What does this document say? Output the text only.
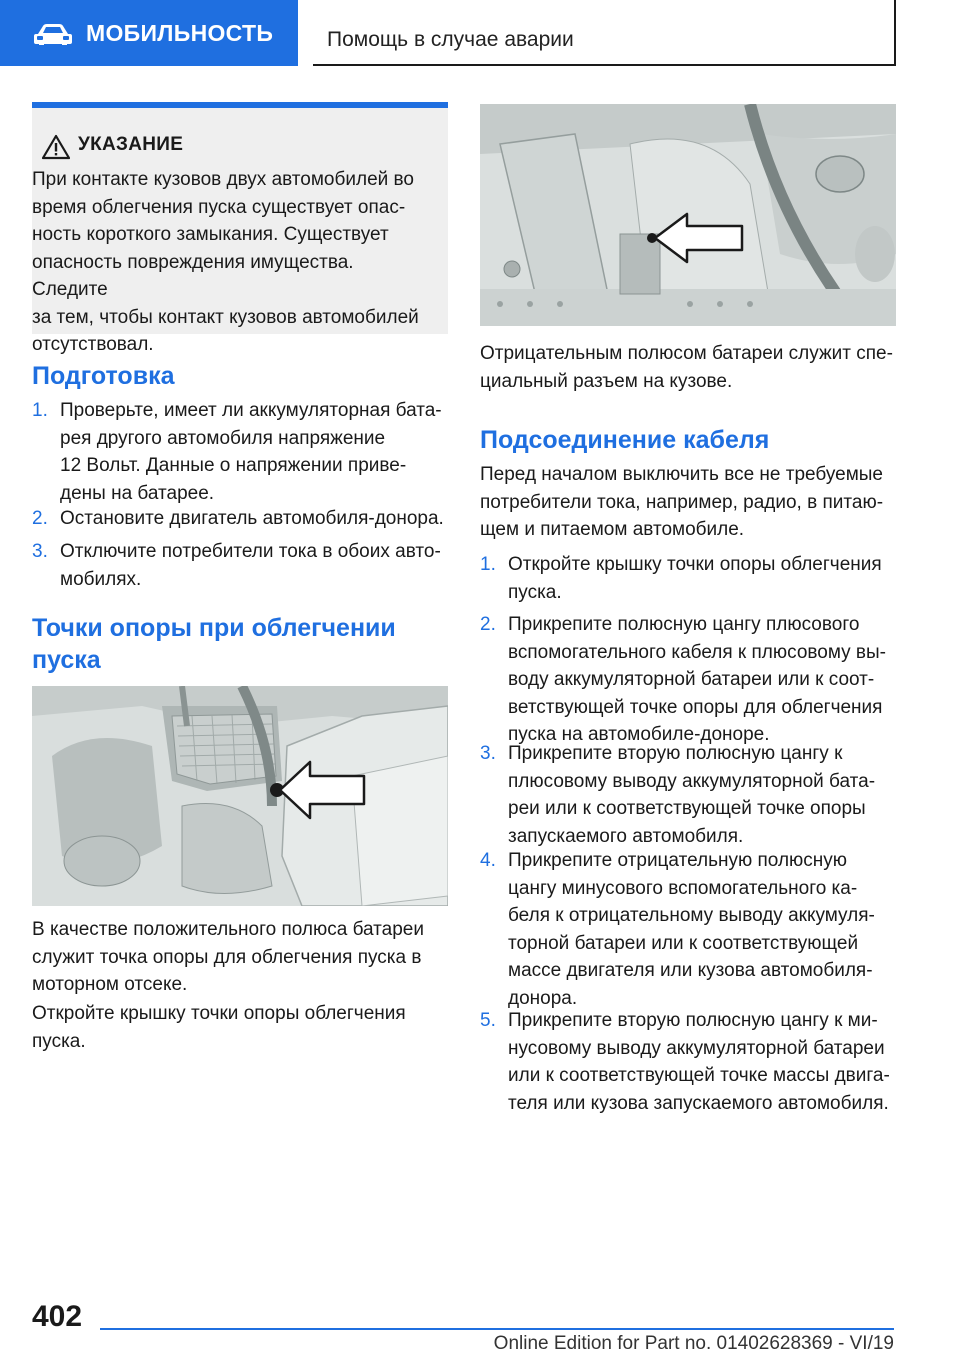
МОБИЛЬНОСТЬ	Помощь в случае аварии
УКАЗАНИЕ
При контакте кузовов двух автомобилей во
время облегчения пуска существует опас-
ность короткого замыкания. Существует
опасность повреждения имущества. Следите
за тем, чтобы контакт кузовов автомобилей
отсутствовал.
Подготовка
1. Проверьте, имеет ли аккумуляторная бата-
рея другого автомобиля напряжение
12 Вольт. Данные о напряжении приве-
дены на батарее.
2. Остановите двигатель автомобиля-донора.
3. Отключите потребители тока в обоих авто-
мобилях.
Точки опоры при облегчении
пуска
В качестве положительного полюса батареи
служит точка опоры для облегчения пуска в
моторном отсеке.
Откройте крышку точки опоры облегчения
пуска.
Отрицательным полюсом батареи служит спе-
циальный разъем на кузове.
Подсоединение кабеля
Перед началом выключить все не требуемые
потребители тока, например, радио, в питаю-
щем и питаемом автомобиле.
1. Откройте крышку точки опоры облегчения
пуска.
2. Прикрепите полюсную цангу плюсового
вспомогательного кабеля к плюсовому вы-
воду аккумуляторной батареи или к соот-
ветствующей точке опоры для облегчения
пуска на автомобиле-доноре.
3. Прикрепите вторую полюсную цангу к
плюсовому выводу аккумуляторной бата-
реи или к соответствующей точке опоры
запускаемого автомобиля.
4. Прикрепите отрицательную полюсную
цангу минусового вспомогательного ка-
беля к отрицательному выводу аккумуля-
торной батареи или к соответствующей
массе двигателя или кузова автомобиля-
донора.
5. Прикрепите вторую полюсную цангу к ми-
нусовому выводу аккумуляторной батареи
или к соответствующей точке массы двига-
теля или кузова запускаемого автомобиля.
402
Online Edition for Part no. 01402628369 - VI/19
